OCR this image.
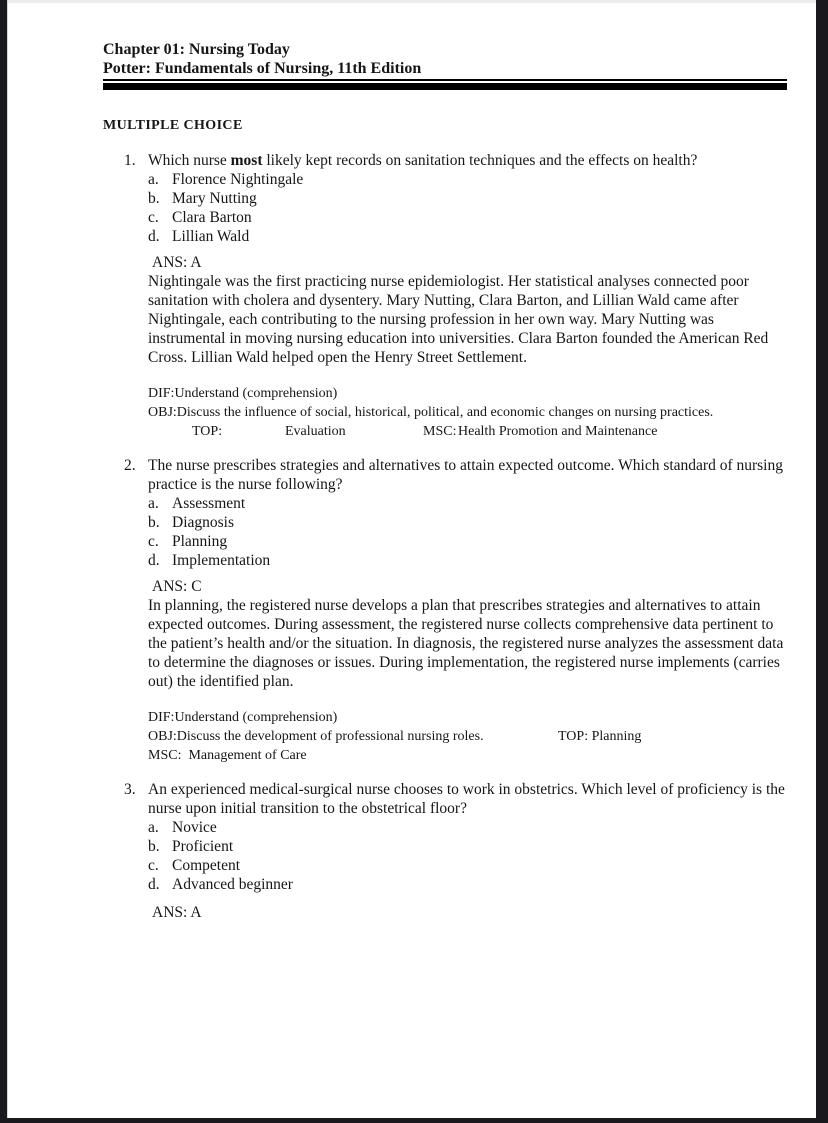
Chapter 01: Nursing Today
Potter: Fundamentals of Nursing, 11th Edition
MULTIPLE CHOICE
1. Which nurse most likely kept records on sanitation techniques and the effects on health?
a. Florence Nightingale
b. Mary Nutting
c. Clara Barton
d. Lillian Wald
ANS: A
Nightingale was the first practicing nurse epidemiologist. Her statistical analyses connected poor sanitation with cholera and dysentery. Mary Nutting, Clara Barton, and Lillian Wald came after Nightingale, each contributing to the nursing profession in her own way. Mary Nutting was instrumental in moving nursing education into universities. Clara Barton founded the American Red Cross. Lillian Wald helped open the Henry Street Settlement.
DIF:Understand (comprehension)
OBJ:Discuss the influence of social, historical, political, and economic changes on nursing practices.
TOP:	Evaluation	MSC: Health Promotion and Maintenance
2. The nurse prescribes strategies and alternatives to attain expected outcome. Which standard of nursing practice is the nurse following?
a. Assessment
b. Diagnosis
c. Planning
d. Implementation
ANS: C
In planning, the registered nurse develops a plan that prescribes strategies and alternatives to attain expected outcomes. During assessment, the registered nurse collects comprehensive data pertinent to the patient’s health and/or the situation. In diagnosis, the registered nurse analyzes the assessment data to determine the diagnoses or issues. During implementation, the registered nurse implements (carries out) the identified plan.
DIF:Understand (comprehension)
OBJ:Discuss the development of professional nursing roles.	TOP: Planning
MSC:  Management of Care
3. An experienced medical-surgical nurse chooses to work in obstetrics. Which level of proficiency is the nurse upon initial transition to the obstetrical floor?
a. Novice
b. Proficient
c. Competent
d. Advanced beginner
ANS: A
